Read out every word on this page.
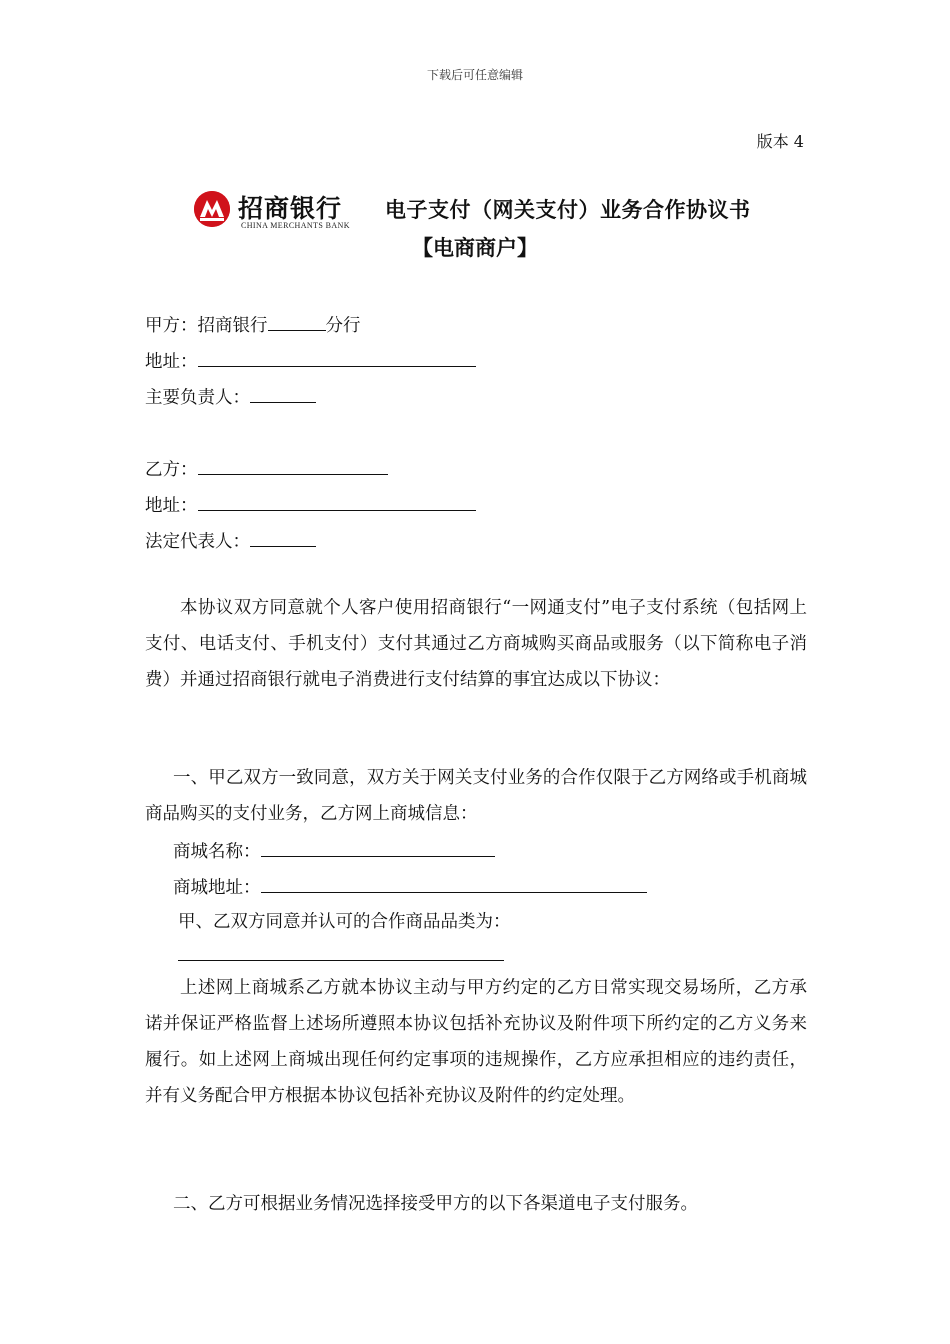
下载后可任意编辑
版本 4
招商银行
CHINA MERCHANTS BANK
电子支付（网关支付）业务合作协议书
【电商商户】
甲方：招商银行	分行
地址：
主要负责人：
乙方：
地址：
法定代表人：
本协议双方同意就个人客户使用招商银行“一网通支付”电子支付系统（包括网上支付、电话支付、手机支付）支付其通过乙方商城购买商品或服务（以下简称电子消费）并通过招商银行就电子消费进行支付结算的事宜达成以下协议：
一、甲乙双方一致同意，双方关于网关支付业务的合作仅限于乙方网络或手机商城商品购买的支付业务，乙方网上商城信息：
商城名称：
商城地址：
甲、乙双方同意并认可的合作商品品类为：
上述网上商城系乙方就本协议主动与甲方约定的乙方日常实现交易场所，乙方承诺并保证严格监督上述场所遵照本协议包括补充协议及附件项下所约定的乙方义务来履行。如上述网上商城出现任何约定事项的违规操作，乙方应承担相应的违约责任，并有义务配合甲方根据本协议包括补充协议及附件的约定处理。
二、乙方可根据业务情况选择接受甲方的以下各渠道电子支付服务。
